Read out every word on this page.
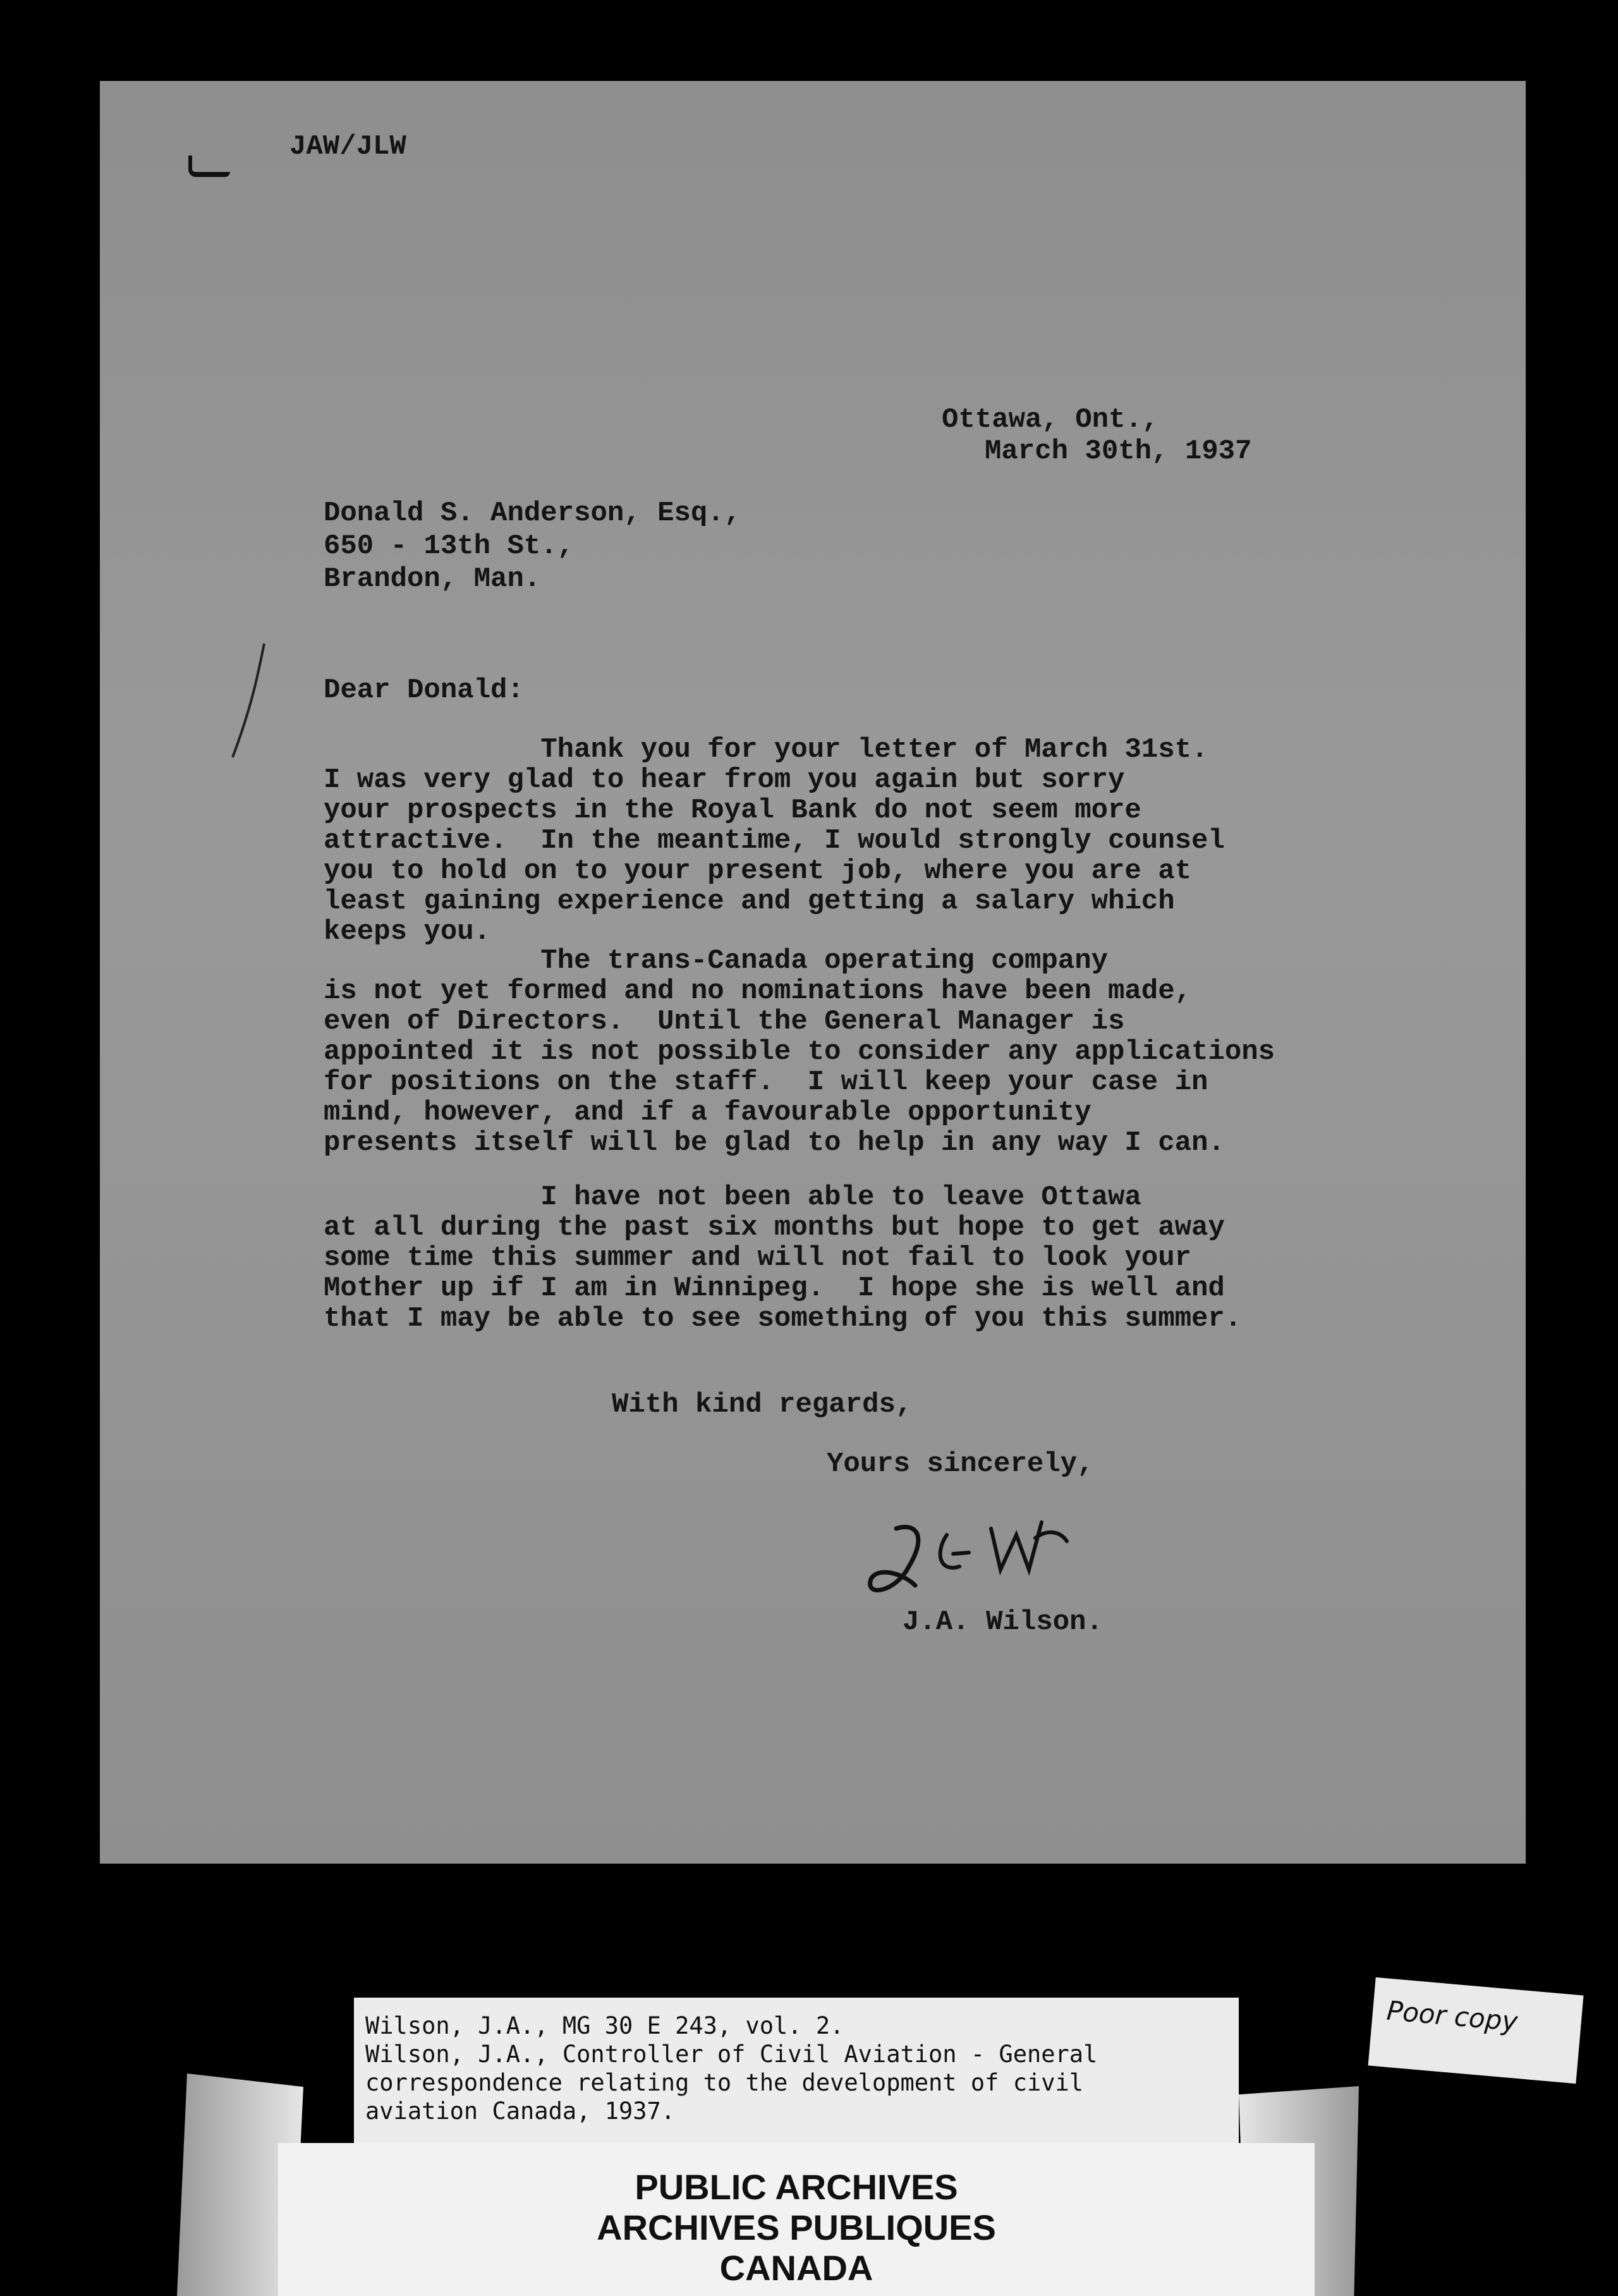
JAW/JLW
Ottawa, Ont.,
March 30th, 1937
Donald S. Anderson, Esq.,
650 - 13th St.,
Brandon, Man.
Dear Donald:
Thank you for your letter of March 31st.
I was very glad to hear from you again but sorry
your prospects in the Royal Bank do not seem more
attractive.  In the meantime, I would strongly counsel
you to hold on to your present job, where you are at
least gaining experience and getting a salary which
keeps you.
The trans-Canada operating company
is not yet formed and no nominations have been made,
even of Directors.  Until the General Manager is
appointed it is not possible to consider any applications
for positions on the staff.  I will keep your case in
mind, however, and if a favourable opportunity
presents itself will be glad to help in any way I can.
I have not been able to leave Ottawa
at all during the past six months but hope to get away
some time this summer and will not fail to look your
Mother up if I am in Winnipeg.  I hope she is well and
that I may be able to see something of you this summer.
With kind regards,
Yours sincerely,
J.A. Wilson.
Wilson, J.A., MG 30 E 243, vol. 2.
Wilson, J.A., Controller of Civil Aviation - General
correspondence relating to the development of civil
aviation Canada, 1937.
Poor copy
PUBLIC ARCHIVES
ARCHIVES PUBLIQUES
CANADA
